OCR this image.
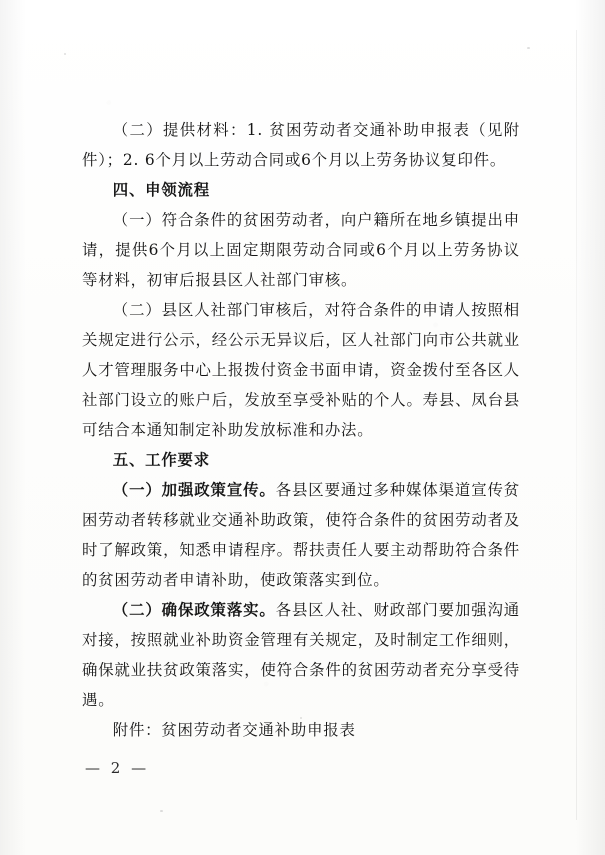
（二）提供材料：1. 贫困劳动者交通补助申报表（见附件）；2. 6个月以上劳动合同或6个月以上劳务协议复印件。

四、申领流程

（一）符合条件的贫困劳动者，向户籍所在地乡镇提出申请，提供6个月以上固定期限劳动合同或6个月以上劳务协议等材料，初审后报县区人社部门审核。

（二）县区人社部门审核后，对符合条件的申请人按照相关规定进行公示，经公示无异议后，区人社部门向市公共就业人才管理服务中心上报拨付资金书面申请，资金拨付至各区人社部门设立的账户后，发放至享受补贴的个人。寿县、凤台县可结合本通知制定补助发放标准和办法。

五、工作要求

（一）加强政策宣传。各县区要通过多种媒体渠道宣传贫困劳动者转移就业交通补助政策，使符合条件的贫困劳动者及时了解政策，知悉申请程序。帮扶责任人要主动帮助符合条件的贫困劳动者申请补助，使政策落实到位。

（二）确保政策落实。各县区人社、财政部门要加强沟通对接，按照就业补助资金管理有关规定，及时制定工作细则，确保就业扶贫政策落实，使符合条件的贫困劳动者充分享受待遇。

附件：贫困劳动者交通补助申报表

— 2 —
